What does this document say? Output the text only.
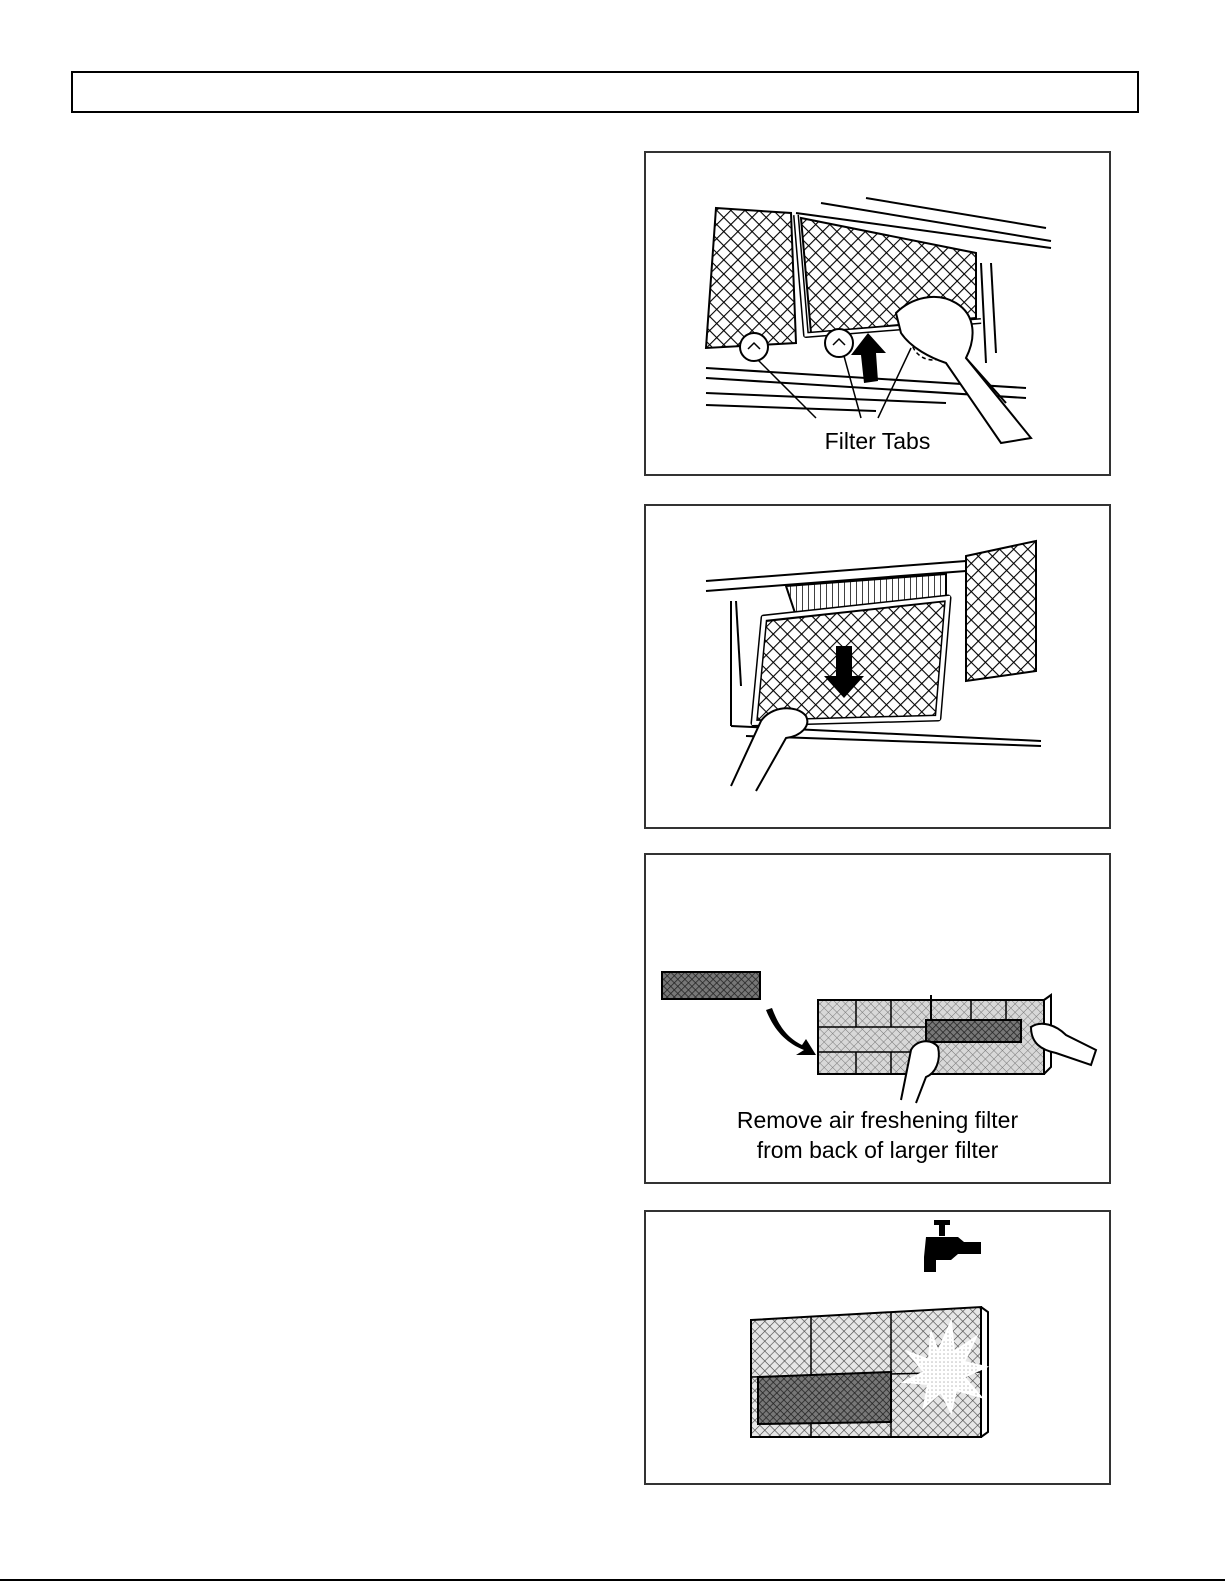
Filter Tabs
Remove air freshening filter
from back of larger filter
